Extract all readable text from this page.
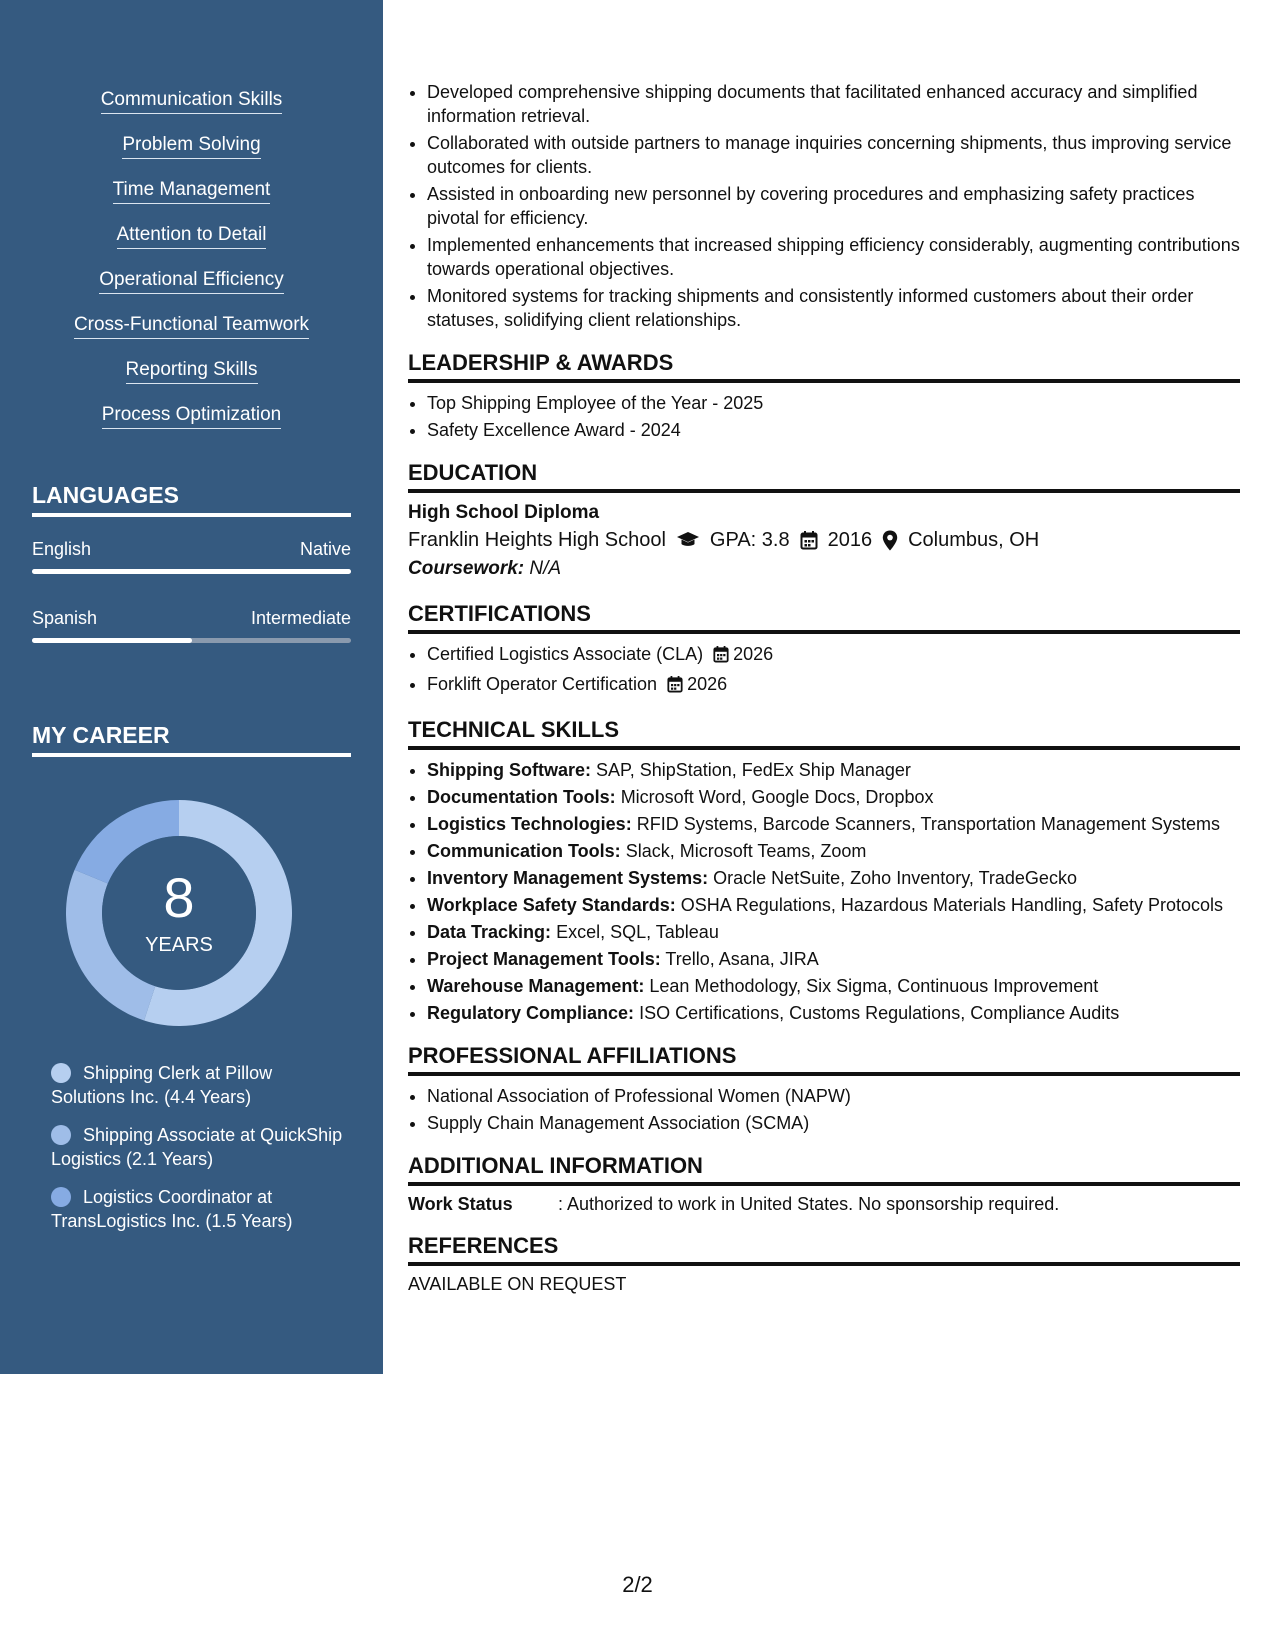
Communication Skills
Problem Solving
Time Management
Attention to Detail
Operational Efficiency
Cross-Functional Teamwork
Reporting Skills
Process Optimization
LANGUAGES
English	Native
Spanish	Intermediate
MY CAREER
8
YEARS
Shipping Clerk at Pillow Solutions Inc. (4.4 Years)
Shipping Associate at QuickShip Logistics (2.1 Years)
Logistics Coordinator at TransLogistics Inc. (1.5 Years)
• Developed comprehensive shipping documents that facilitated enhanced accuracy and simplified information retrieval.
• Collaborated with outside partners to manage inquiries concerning shipments, thus improving service outcomes for clients.
• Assisted in onboarding new personnel by covering procedures and emphasizing safety practices pivotal for efficiency.
• Implemented enhancements that increased shipping efficiency considerably, augmenting contributions towards operational objectives.
• Monitored systems for tracking shipments and consistently informed customers about their order statuses, solidifying client relationships.
LEADERSHIP & AWARDS
• Top Shipping Employee of the Year - 2025
• Safety Excellence Award - 2024
EDUCATION
High School Diploma
Franklin Heights High School GPA: 3.8 2016 Columbus, OH
Coursework: N/A
CERTIFICATIONS
• Certified Logistics Associate (CLA) 2026
• Forklift Operator Certification 2026
TECHNICAL SKILLS
• Shipping Software: SAP, ShipStation, FedEx Ship Manager
• Documentation Tools: Microsoft Word, Google Docs, Dropbox
• Logistics Technologies: RFID Systems, Barcode Scanners, Transportation Management Systems
• Communication Tools: Slack, Microsoft Teams, Zoom
• Inventory Management Systems: Oracle NetSuite, Zoho Inventory, TradeGecko
• Workplace Safety Standards: OSHA Regulations, Hazardous Materials Handling, Safety Protocols
• Data Tracking: Excel, SQL, Tableau
• Project Management Tools: Trello, Asana, JIRA
• Warehouse Management: Lean Methodology, Six Sigma, Continuous Improvement
• Regulatory Compliance: ISO Certifications, Customs Regulations, Compliance Audits
PROFESSIONAL AFFILIATIONS
• National Association of Professional Women (NAPW)
• Supply Chain Management Association (SCMA)
ADDITIONAL INFORMATION
Work Status	: Authorized to work in United States. No sponsorship required.
REFERENCES
AVAILABLE ON REQUEST
2/2
